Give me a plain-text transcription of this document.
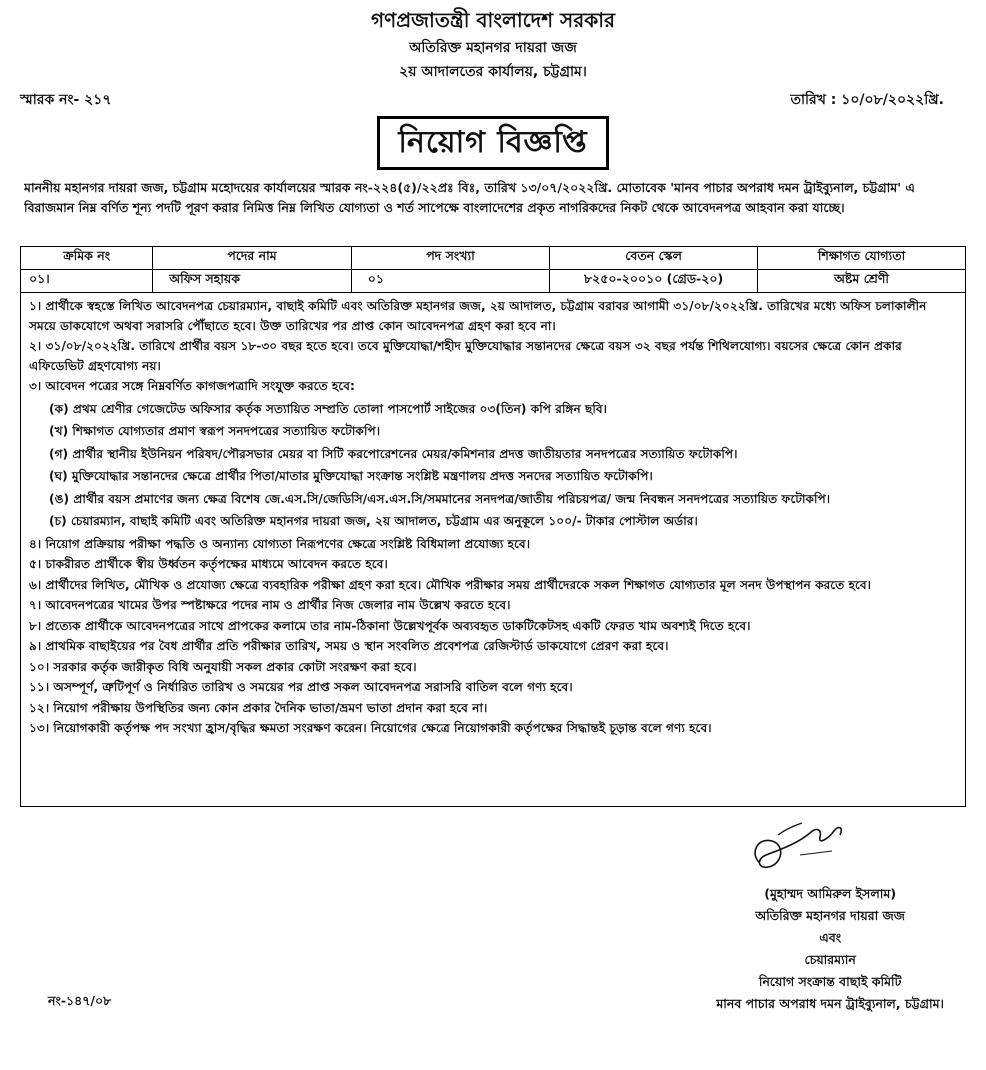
গণপ্রজাতন্ত্রী বাংলাদেশ সরকার
অতিরিক্ত মহানগর দায়রা জজ
২য় আদালতের কার্যালয়, চট্টগ্রাম।
স্মারক নং- ২১৭	তারিখ : ১০/০৮/২০২২খ্রি.
নিয়োগ বিজ্ঞপ্তি
মাননীয় মহানগর দায়রা জজ, চট্টগ্রাম মহোদয়ের কার্যালয়ের স্মারক নং-২২৪(৫)/২২প্রঃ বিঃ, তারিখ ১৩/০৭/২০২২খ্রি. মোতাবেক 'মানব পাচার অপরাধ দমন ট্রাইব্যুনাল, চট্টগ্রাম' এ বিরাজমান নিম্ন বর্ণিত শূন্য পদটি পূরণ করার নিমিত্ত নিম্ন লিখিত যোগ্যতা ও শর্ত সাপেক্ষে বাংলাদেশের প্রকৃত নাগরিকদের নিকট থেকে আবেদনপত্র আহবান করা যাচ্ছে।
ক্রমিক নং	পদের নাম	পদ সংখ্যা	বেতন স্কেল	শিক্ষাগত যোগ্যতা
০১।	অফিস সহায়ক	০১	৮২৫০-২০০১০ (গ্রেড-২০)	অষ্টম শ্রেণী
১। প্রার্থীকে স্বহস্তে লিখিত আবেদনপত্র চেয়ারম্যান, বাছাই কমিটি এবং অতিরিক্ত মহানগর জজ, ২য় আদালত, চট্টগ্রাম বরাবর আগামী ৩১/০৮/২০২২খ্রি. তারিখের মধ্যে অফিস চলাকালীন সময়ে ডাকযোগে অথবা সরাসরি পৌঁছাতে হবে। উক্ত তারিখের পর প্রাপ্ত কোন আবেদনপত্র গ্রহণ করা হবে না।
২। ৩১/০৮/২০২২খ্রি. তারিখে প্রার্থীর বয়স ১৮-৩০ বছর হতে হবে। তবে মুক্তিযোদ্ধা/শহীদ মুক্তিযোদ্ধার সন্তানদের ক্ষেত্রে বয়স ৩২ বছর পর্যন্ত শিথিলযোগ্য। বয়সের ক্ষেত্রে কোন প্রকার এফিডেভিট গ্রহণযোগ্য নয়।
৩। আবেদন পত্রের সঙ্গে নিম্নবর্ণিত কাগজপত্রাদি সংযুক্ত করতে হবে:
(ক) প্রথম শ্রেণীর গেজেটেড অফিসার কর্তৃক সত্যায়িত সম্প্রতি তোলা পাসপোর্ট সাইজের ০৩(তিন) কপি রঙ্গিন ছবি।
(খ) শিক্ষাগত যোগ্যতার প্রমাণ স্বরূপ সনদপত্রের সত্যায়িত ফটোকপি।
(গ) প্রার্থীর স্থানীয় ইউনিয়ন পরিষদ/পৌরসভার মেয়র বা সিটি করপোরেশনের মেয়র/কমিশনার প্রদত্ত জাতীয়তার সনদপত্রের সত্যায়িত ফটোকপি।
(ঘ) মুক্তিযোদ্ধার সন্তানদের ক্ষেত্রে প্রার্থীর পিতা/মাতার মুক্তিযোদ্ধা সংক্রান্ত সংশ্লিষ্ট মন্ত্রণালয় প্রদত্ত সনদের সত্যায়িত ফটোকপি।
(ঙ) প্রার্থীর বয়স প্রমাণের জন্য ক্ষেত্র বিশেষ জে.এস.সি/জেডিসি/এস.এস.সি/সমমানের সনদপত্র/জাতীয় পরিচয়পত্র/ জন্ম নিবন্ধন সনদপত্রের সত্যায়িত ফটোকপি।
(চ) চেয়ারম্যান, বাছাই কমিটি এবং অতিরিক্ত মহানগর দায়রা জজ, ২য় আদালত, চট্টগ্রাম এর অনুকূলে ১০০/- টাকার পোস্টাল অর্ডার।
৪। নিয়োগ প্রক্রিয়ায় পরীক্ষা পদ্ধতি ও অন্যান্য যোগ্যতা নিরূপণের ক্ষেত্রে সংশ্লিষ্ট বিধিমালা প্রযোজ্য হবে।
৫। চাকরীরত প্রার্থীকে স্বীয় উর্ধ্বতন কর্তৃপক্ষের মাধ্যমে আবেদন করতে হবে।
৬। প্রার্থীদের লিখিত, মৌখিক ও প্রযোজ্য ক্ষেত্রে ব্যবহারিক পরীক্ষা গ্রহণ করা হবে। মৌখিক পরীক্ষার সময় প্রার্থীদেরকে সকল শিক্ষাগত যোগ্যতার মূল সনদ উপস্থাপন করতে হবে।
৭। আবেদনপত্রের খামের উপর স্পষ্টাক্ষরে পদের নাম ও প্রার্থীর নিজ জেলার নাম উল্লেখ করতে হবে।
৮। প্রত্যেক প্রার্থীকে আবেদনপত্রের সাথে প্রাপকের কলামে তার নাম-ঠিকানা উল্লেখপূর্বক অব্যবহৃত ডাকটিকেটসহ একটি ফেরত খাম অবশ্যই দিতে হবে।
৯। প্রাথমিক বাছাইয়ের পর বৈধ প্রার্থীর প্রতি পরীক্ষার তারিখ, সময় ও স্থান সংবলিত প্রবেশপত্র রেজিস্টার্ড ডাকযোগে প্রেরণ করা হবে।
১০। সরকার কর্তৃক জারীকৃত বিধি অনুযায়ী সকল প্রকার কোটা সংরক্ষণ করা হবে।
১১। অসম্পূর্ণ, ত্রুটিপূর্ণ ও নির্ধারিত তারিখ ও সময়ের পর প্রাপ্ত সকল আবেদনপত্র সরাসরি বাতিল বলে গণ্য হবে।
১২। নিয়োগ পরীক্ষায় উপস্থিতির জন্য কোন প্রকার দৈনিক ভাতা/ভ্রমণ ভাতা প্রদান করা হবে না।
১৩। নিয়োগকারী কর্তৃপক্ষ পদ সংখ্যা হ্রাস/বৃদ্ধির ক্ষমতা সংরক্ষণ করেন। নিয়োগের ক্ষেত্রে নিয়োগকারী কর্তৃপক্ষের সিদ্ধান্তই চূড়ান্ত বলে গণ্য হবে।
(মুহাম্মদ আমিরুল ইসলাম)
অতিরিক্ত মহানগর দায়রা জজ
এবং
চেয়ারম্যান
নিয়োগ সংক্রান্ত বাছাই কমিটি
মানব পাচার অপরাধ দমন ট্রাইব্যুনাল, চট্টগ্রাম।
নং-১৪৭/০৮
